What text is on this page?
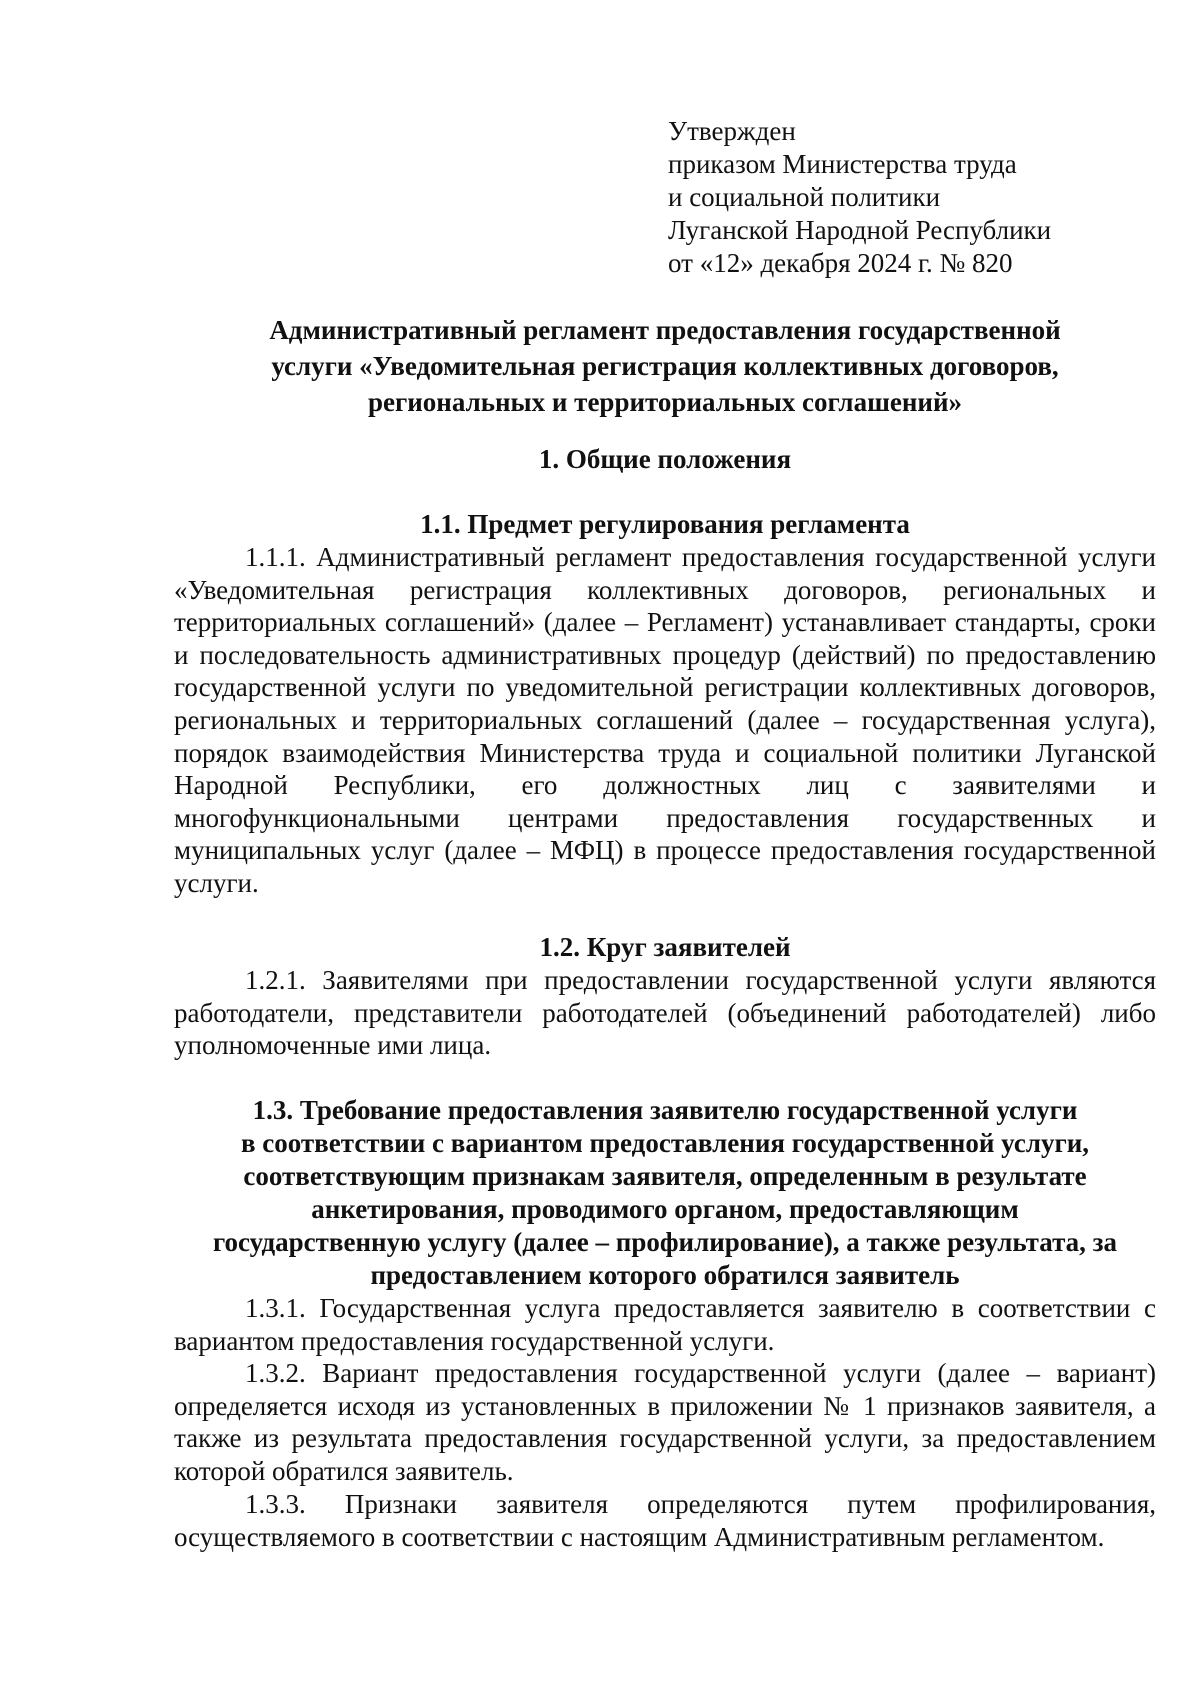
Утвержден
приказом Министерства труда
и социальной политики
Луганской Народной Республики
от «12» декабря 2024 г. № 820
Административный регламент предоставления государственной
услуги «Уведомительная регистрация коллективных договоров,
региональных и территориальных соглашений»
1. Общие положения
1.1. Предмет регулирования регламента
1.1.1. Административный регламент предоставления государственной услуги «Уведомительная регистрация коллективных договоров, региональных и территориальных соглашений» (далее – Регламент) устанавливает стандарты, сроки и последовательность административных процедур (действий) по предоставлению государственной услуги по уведомительной регистрации коллективных договоров, региональных и территориальных соглашений (далее – государственная услуга), порядок взаимодействия Министерства труда и социальной политики Луганской Народной Республики, его должностных лиц с заявителями и многофункциональными центрами предоставления государственных и муниципальных услуг (далее – МФЦ) в процессе предоставления государственной услуги.
1.2. Круг заявителей
1.2.1. Заявителями при предоставлении государственной услуги являются работодатели, представители работодателей (объединений работодателей) либо уполномоченные ими лица.
1.3. Требование предоставления заявителю государственной услуги
в соответствии с вариантом предоставления государственной услуги,
соответствующим признакам заявителя, определенным в результате
анкетирования, проводимого органом, предоставляющим
государственную услугу (далее – профилирование), а также результата, за
предоставлением которого обратился заявитель
1.3.1. Государственная услуга предоставляется заявителю в соответствии с вариантом предоставления государственной услуги.
1.3.2. Вариант предоставления государственной услуги (далее – вариант) определяется исходя из установленных в приложении № 1 признаков заявителя, а также из результата предоставления государственной услуги, за предоставлением которой обратился заявитель.
1.3.3. Признаки заявителя определяются путем профилирования, осуществляемого в соответствии с настоящим Административным регламентом.
